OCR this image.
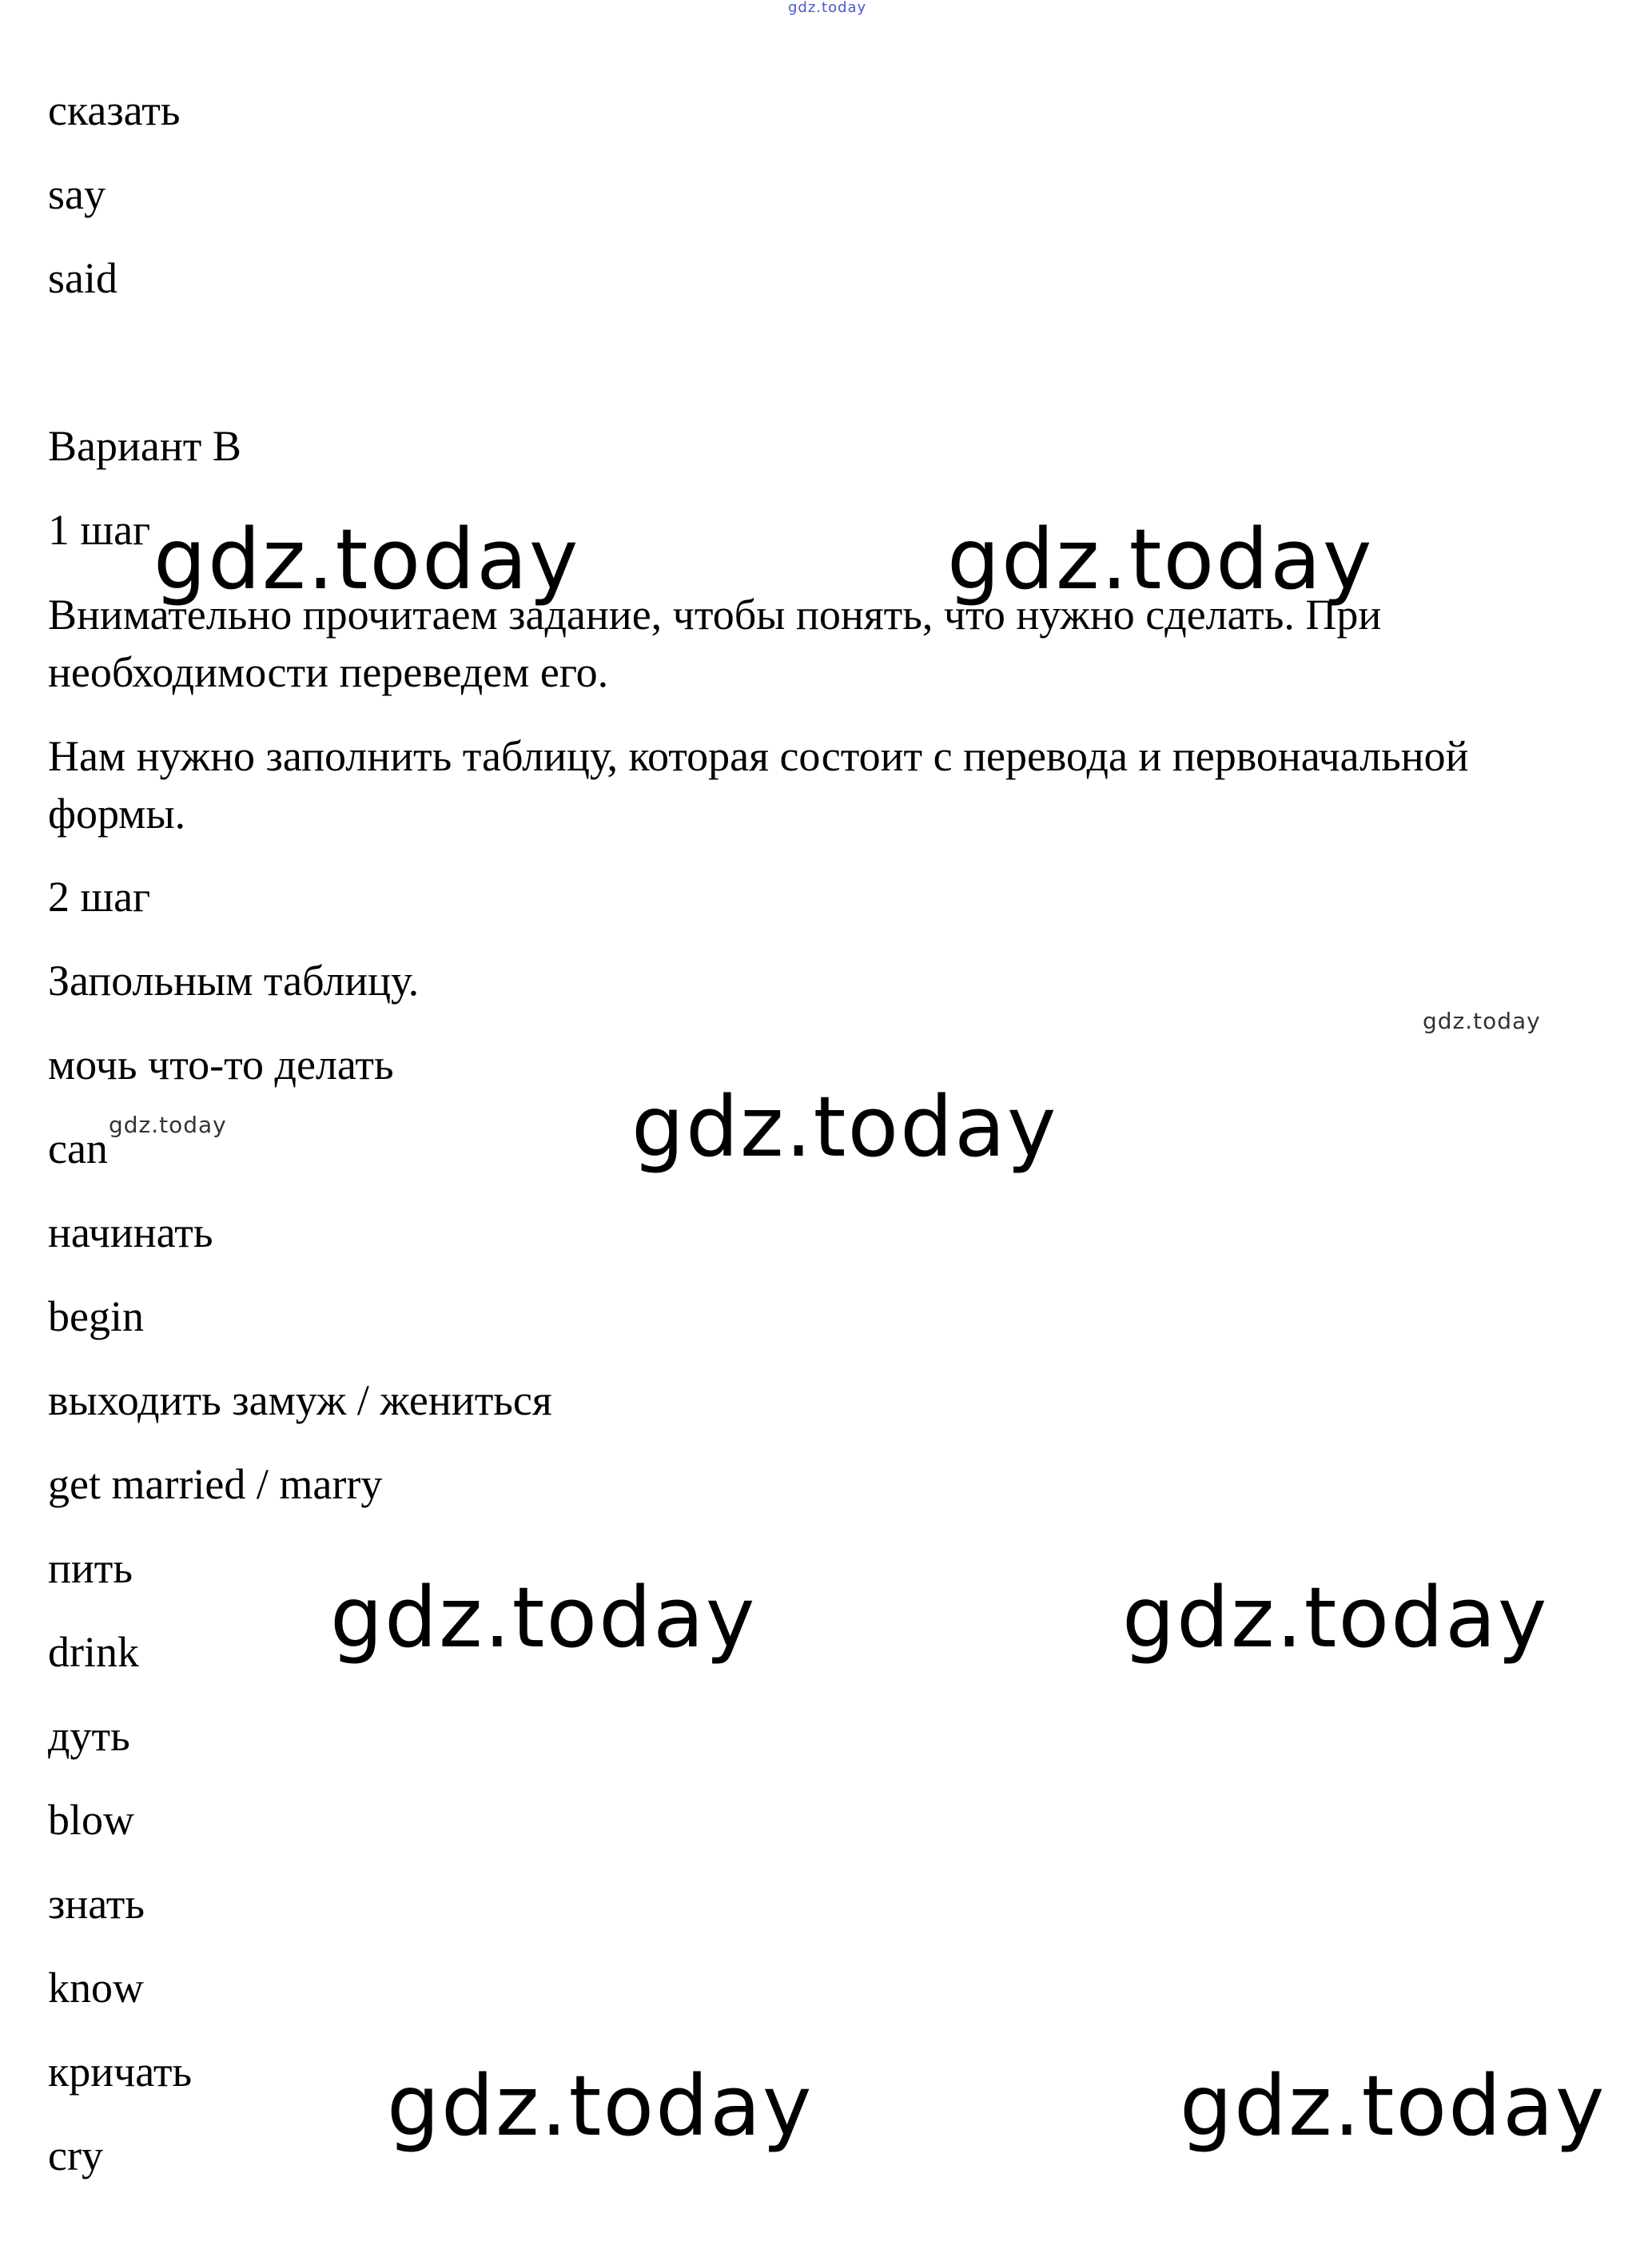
gdz.today
сказать
say
said
Вариант B
1 шаг
Внимательно прочитаем задание, чтобы понять, что нужно сделать. При необходимости переведем его.
Нам нужно заполнить таблицу, которая состоит с перевода и первоначальной формы.
2 шаг
Запольным таблицу.
мочь что-то делать
can
начинать
begin
выходить замуж / жениться
get married / marry
пить
drink
дуть
blow
знать
know
кричать
cry
gdz.today	gdz.today
gdz.today
gdz.today	gdz.today
gdz.today	gdz.today
gdz.today
gdz.today
